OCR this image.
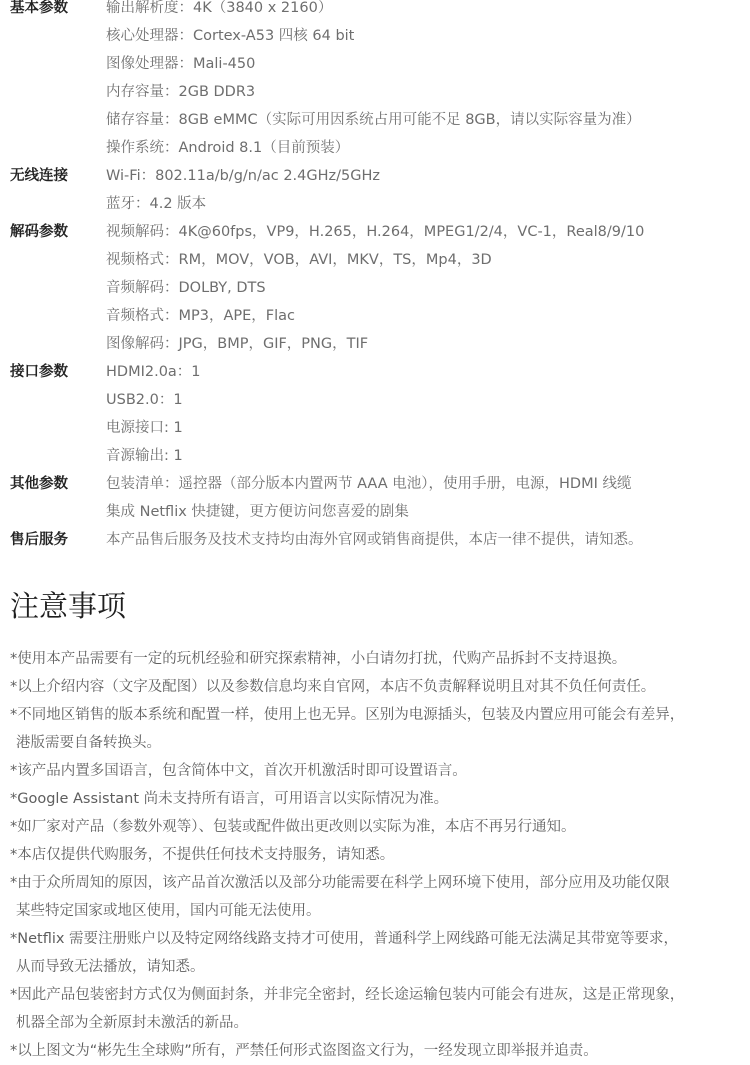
基本参数	输出解析度：4K（3840 x 2160）
核心处理器：Cortex-A53 四核 64 bit
图像处理器：Mali-450
内存容量：2GB DDR3
储存容量：8GB eMMC（实际可用因系统占用可能不足 8GB，请以实际容量为准）
操作系统：Android 8.1（目前预装）
无线连接	Wi-Fi：802.11a/b/g/n/ac 2.4GHz/5GHz
蓝牙：4.2 版本
解码参数	视频解码：4K@60fps，VP9，H.265，H.264，MPEG1/2/4，VC-1，Real8/9/10
视频格式：RM，MOV，VOB，AVI，MKV，TS，Mp4，3D
音频解码：DOLBY, DTS
音频格式：MP3，APE，Flac
图像解码：JPG，BMP，GIF，PNG，TIF
接口参数	HDMI2.0a：1
USB2.0：1
电源接口: 1
音源输出: 1
其他参数	包装清单：遥控器（部分版本内置两节 AAA 电池），使用手册，电源，HDMI 线缆
集成 Netflix 快捷键，更方便访问您喜爱的剧集
售后服务	本产品售后服务及技术支持均由海外官网或销售商提供，本店一律不提供，请知悉。
注意事项
*使用本产品需要有一定的玩机经验和研究探索精神，小白请勿打扰，代购产品拆封不支持退换。
*以上介绍内容（文字及配图）以及参数信息均来自官网，本店不负责解释说明且对其不负任何责任。
*不同地区销售的版本系统和配置一样，使用上也无异。区别为电源插头，包装及内置应用可能会有差异，
港版需要自备转换头。
*该产品内置多国语言，包含简体中文，首次开机激活时即可设置语言。
*Google Assistant 尚未支持所有语言，可用语言以实际情况为准。
*如厂家对产品（参数外观等）、包装或配件做出更改则以实际为准，本店不再另行通知。
*本店仅提供代购服务，不提供任何技术支持服务，请知悉。
*由于众所周知的原因，该产品首次激活以及部分功能需要在科学上网环境下使用，部分应用及功能仅限
某些特定国家或地区使用，国内可能无法使用。
*Netflix 需要注册账户以及特定网络线路支持才可使用，普通科学上网线路可能无法满足其带宽等要求，
从而导致无法播放，请知悉。
*因此产品包装密封方式仅为侧面封条，并非完全密封，经长途运输包装内可能会有进灰，这是正常现象，
机器全部为全新原封未激活的新品。
*以上图文为“彬先生全球购”所有，严禁任何形式盗图盗文行为，一经发现立即举报并追责。
